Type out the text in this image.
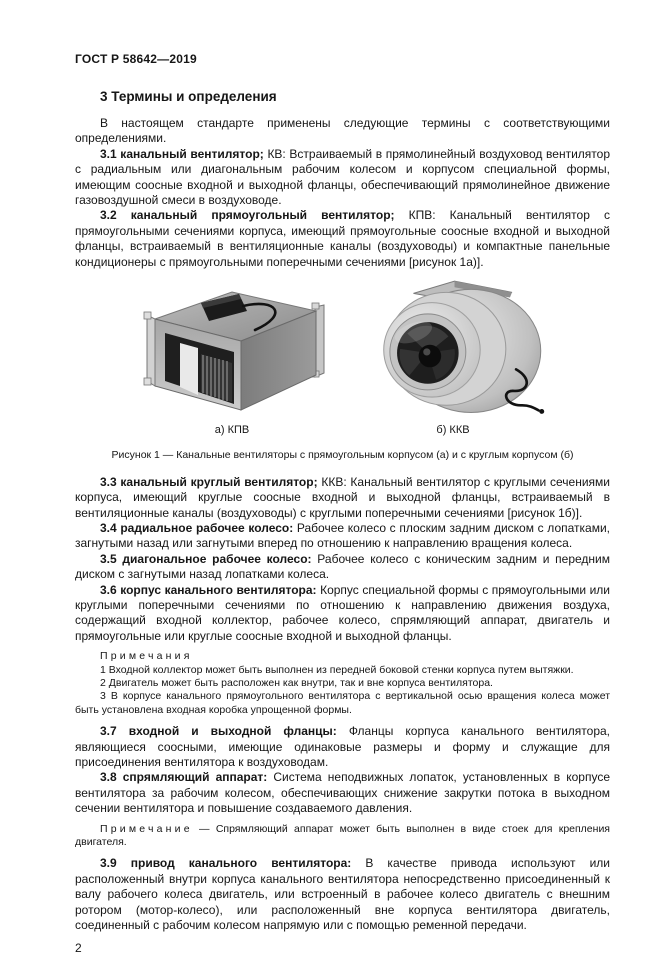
ГОСТ Р 58642—2019
3 Термины и определения

В настоящем стандарте применены следующие термины с соответствующими определениями.

3.1 канальный вентилятор; КВ: Встраиваемый в прямолинейный воздуховод вентилятор с радиальным или диагональным рабочим колесом и корпусом специальной формы, имеющим соосные входной и выходной фланцы, обеспечивающий прямолинейное движение газовоздушной смеси в воздуховоде.

3.2 канальный прямоугольный вентилятор; КПВ: Канальный вентилятор с прямоугольными сечениями корпуса, имеющий прямоугольные соосные входной и выходной фланцы, встраиваемый в вентиляционные каналы (воздуховоды) и компактные панельные кондиционеры с прямоугольными поперечными сечениями [рисунок 1а)].

а) КПВ	б) ККВ
Рисунок 1 — Канальные вентиляторы с прямоугольным корпусом (а) и с круглым корпусом (б)

3.3 канальный круглый вентилятор; ККВ: Канальный вентилятор с круглыми сечениями корпуса, имеющий круглые соосные входной и выходной фланцы, встраиваемый в вентиляционные каналы (воздуховоды) с круглыми поперечными сечениями [рисунок 1б)].

3.4 радиальное рабочее колесо: Рабочее колесо с плоским задним диском с лопатками, загнутыми назад или загнутыми вперед по отношению к направлению вращения колеса.

3.5 диагональное рабочее колесо: Рабочее колесо с коническим задним и передним диском с загнутыми назад лопатками колеса.

3.6 корпус канального вентилятора: Корпус специальной формы с прямоугольными или круглыми поперечными сечениями по отношению к направлению движения воздуха, содержащий входной коллектор, рабочее колесо, спрямляющий аппарат, двигатель и прямоугольные или круглые соосные входной и выходной фланцы.

Примечания

1 Входной коллектор может быть выполнен из передней боковой стенки корпуса путем вытяжки.

2 Двигатель может быть расположен как внутри, так и вне корпуса вентилятора.

3 В корпусе канального прямоугольного вентилятора с вертикальной осью вращения колеса может быть установлена входная коробка упрощенной формы.

3.7 входной и выходной фланцы: Фланцы корпуса канального вентилятора, являющиеся соосными, имеющие одинаковые размеры и форму и служащие для присоединения вентилятора к воздуховодам.

3.8 спрямляющий аппарат: Система неподвижных лопаток, установленных в корпусе вентилятора за рабочим колесом, обеспечивающих снижение закрутки потока в выходном сечении вентилятора и повышение создаваемого давления.

Примечание — Спрямляющий аппарат может быть выполнен в виде стоек для крепления двигателя.

3.9 привод канального вентилятора: В качестве привода используют или расположенный внутри корпуса канального вентилятора непосредственно присоединенный к валу рабочего колеса двигатель, или встроенный в рабочее колесо двигатель с внешним ротором (мотор-колесо), или расположенный вне корпуса вентилятора двигатель, соединенный с рабочим колесом напрямую или с помощью ременной передачи.

2
